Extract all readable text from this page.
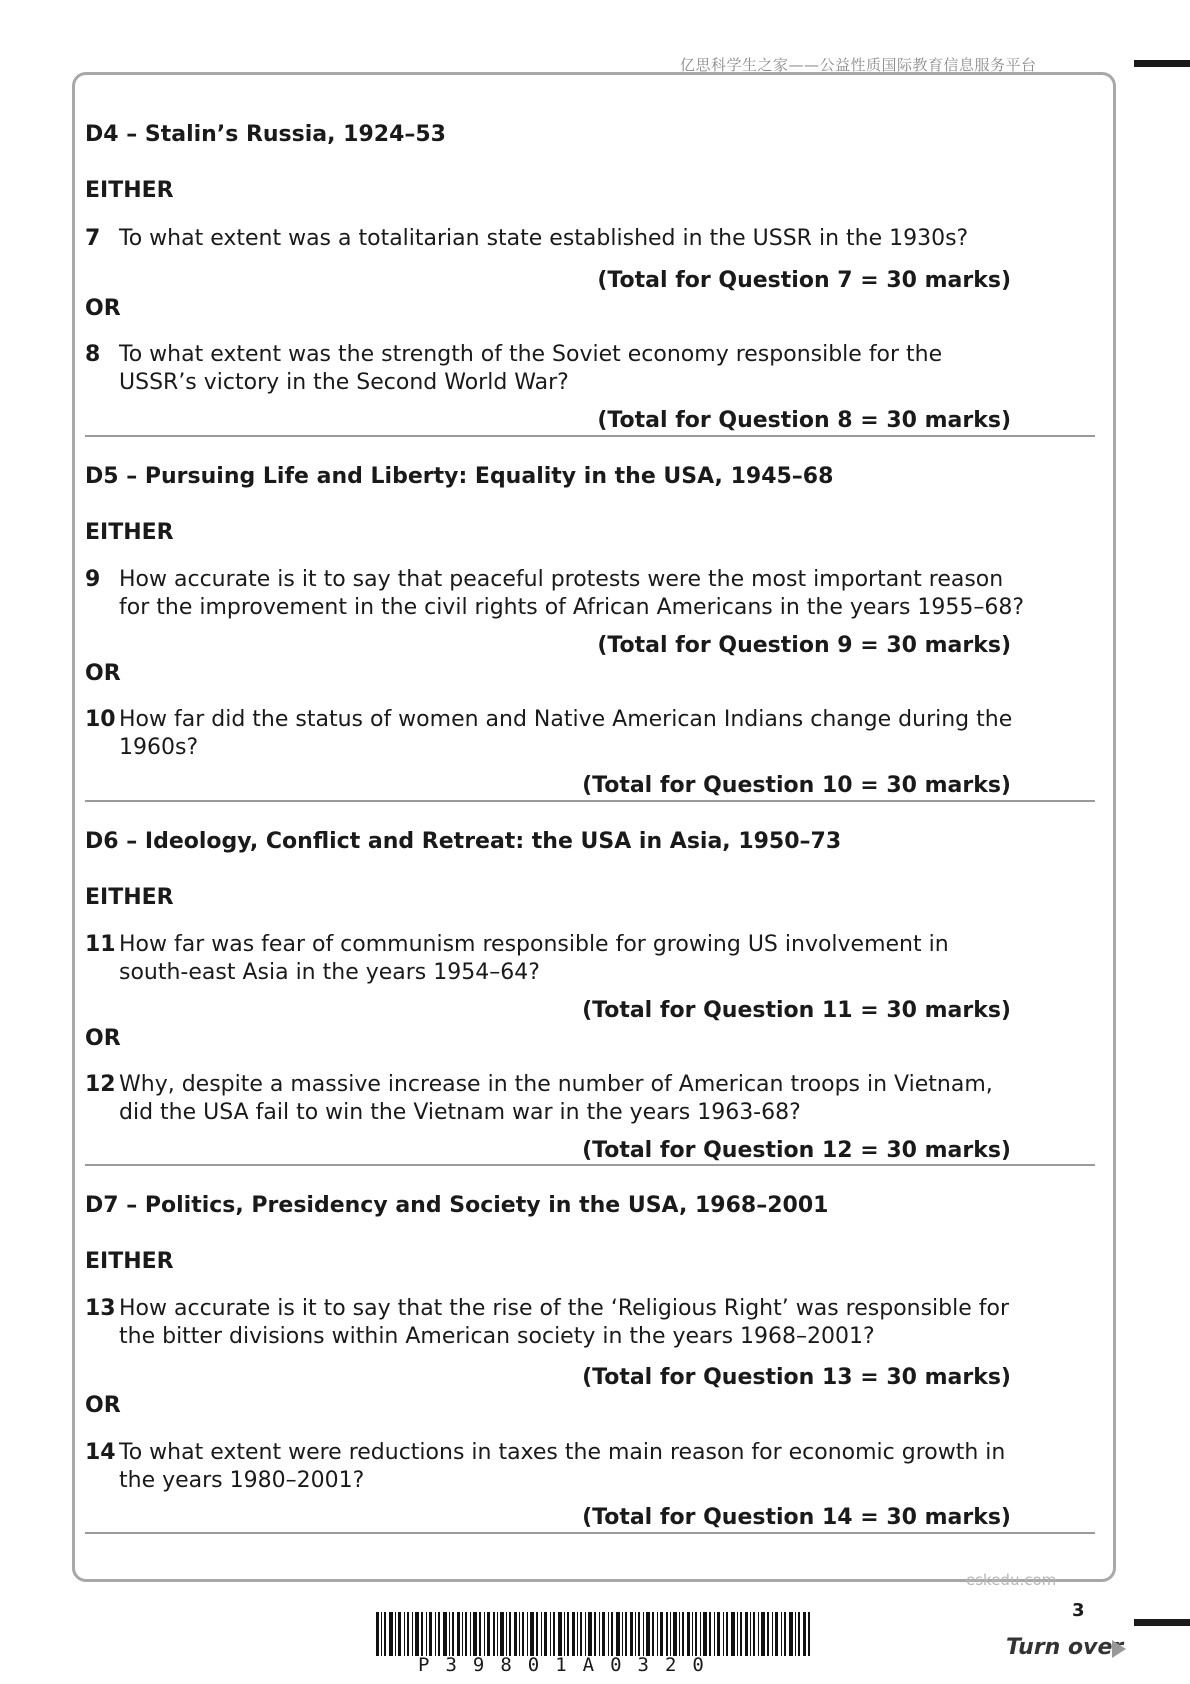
亿思科学生之家——公益性质国际教育信息服务平台
D4 – Stalin’s Russia, 1924–53
EITHER
7 To what extent was a totalitarian state established in the USSR in the 1930s?
(Total for Question 7 = 30 marks)
OR
8 To what extent was the strength of the Soviet economy responsible for the USSR’s victory in the Second World War?
(Total for Question 8 = 30 marks)
D5 – Pursuing Life and Liberty: Equality in the USA, 1945–68
EITHER
9 How accurate is it to say that peaceful protests were the most important reason for the improvement in the civil rights of African Americans in the years 1955–68?
(Total for Question 9 = 30 marks)
OR
10 How far did the status of women and Native American Indians change during the 1960s?
(Total for Question 10 = 30 marks)
D6 – Ideology, Conflict and Retreat: the USA in Asia, 1950–73
EITHER
11 How far was fear of communism responsible for growing US involvement in south-east Asia in the years 1954–64?
(Total for Question 11 = 30 marks)
OR
12 Why, despite a massive increase in the number of American troops in Vietnam, did the USA fail to win the Vietnam war in the years 1963-68?
(Total for Question 12 = 30 marks)
D7 – Politics, Presidency and Society in the USA, 1968–2001
EITHER
13 How accurate is it to say that the rise of the ‘Religious Right’ was responsible for the bitter divisions within American society in the years 1968–2001?
(Total for Question 13 = 30 marks)
OR
14 To what extent were reductions in taxes the main reason for economic growth in the years 1980–2001?
(Total for Question 14 = 30 marks)
eskedu.com
3
P39801A0320
Turn over
